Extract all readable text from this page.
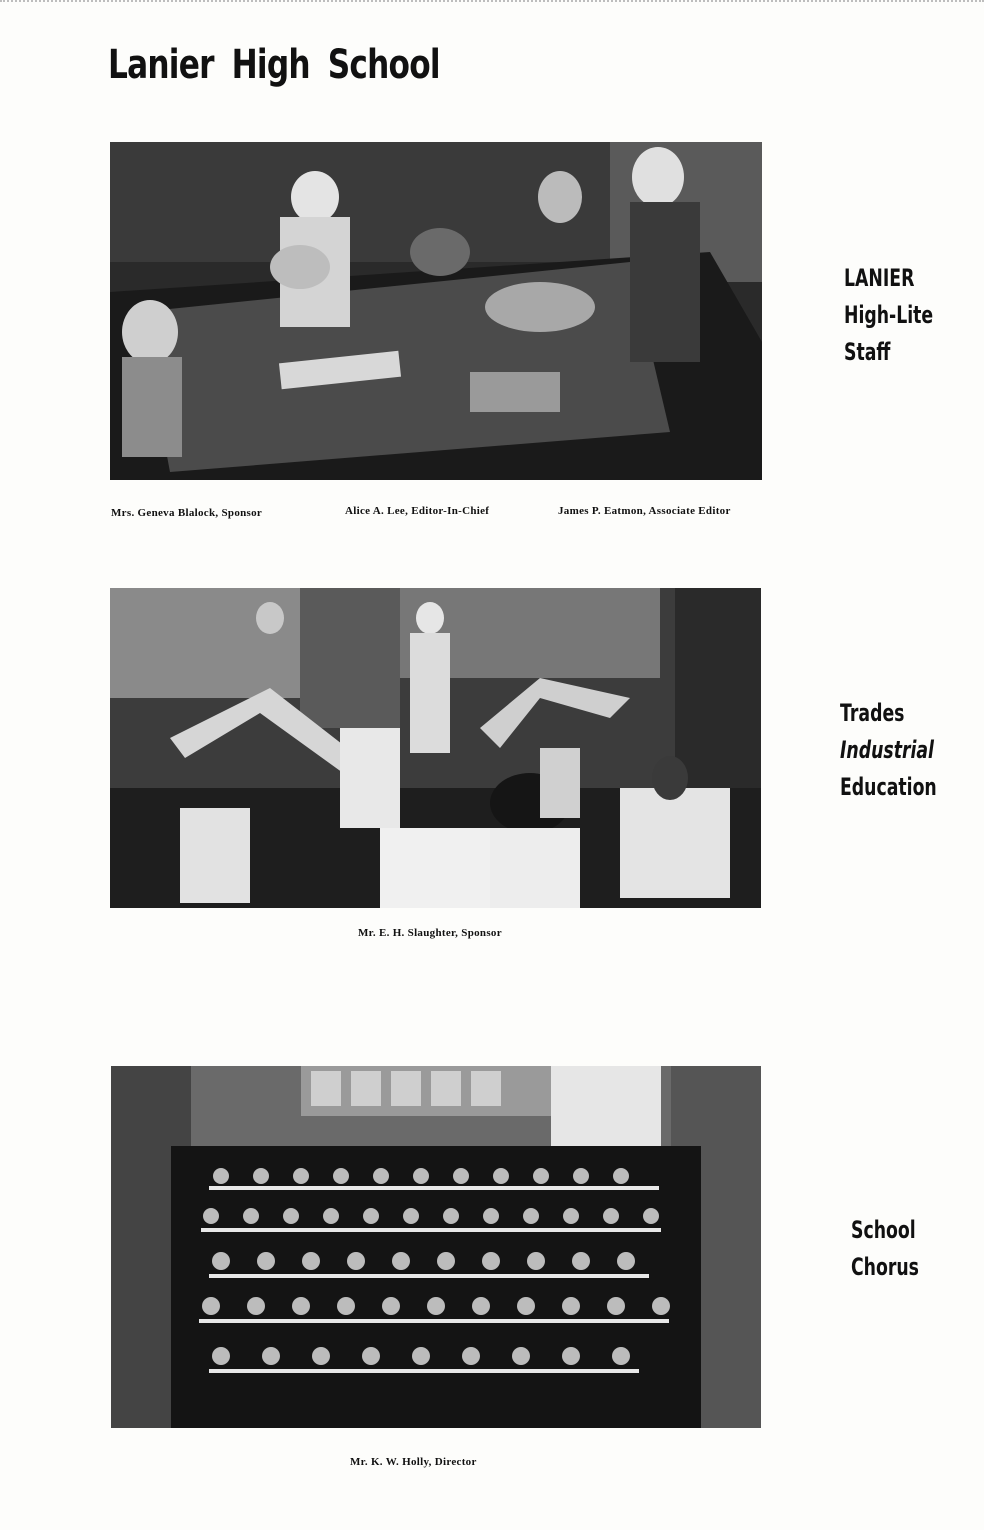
Lanier High School
Mrs. Geneva Blalock, Sponsor	Alice A. Lee, Editor-In-Chief	James P. Eatmon, Associate Editor
LANIER
High-Lite
Staff
Mr. E. H. Slaughter, Sponsor
Trades
Industrial
Education
Mr. K. W. Holly, Director
School
Chorus
